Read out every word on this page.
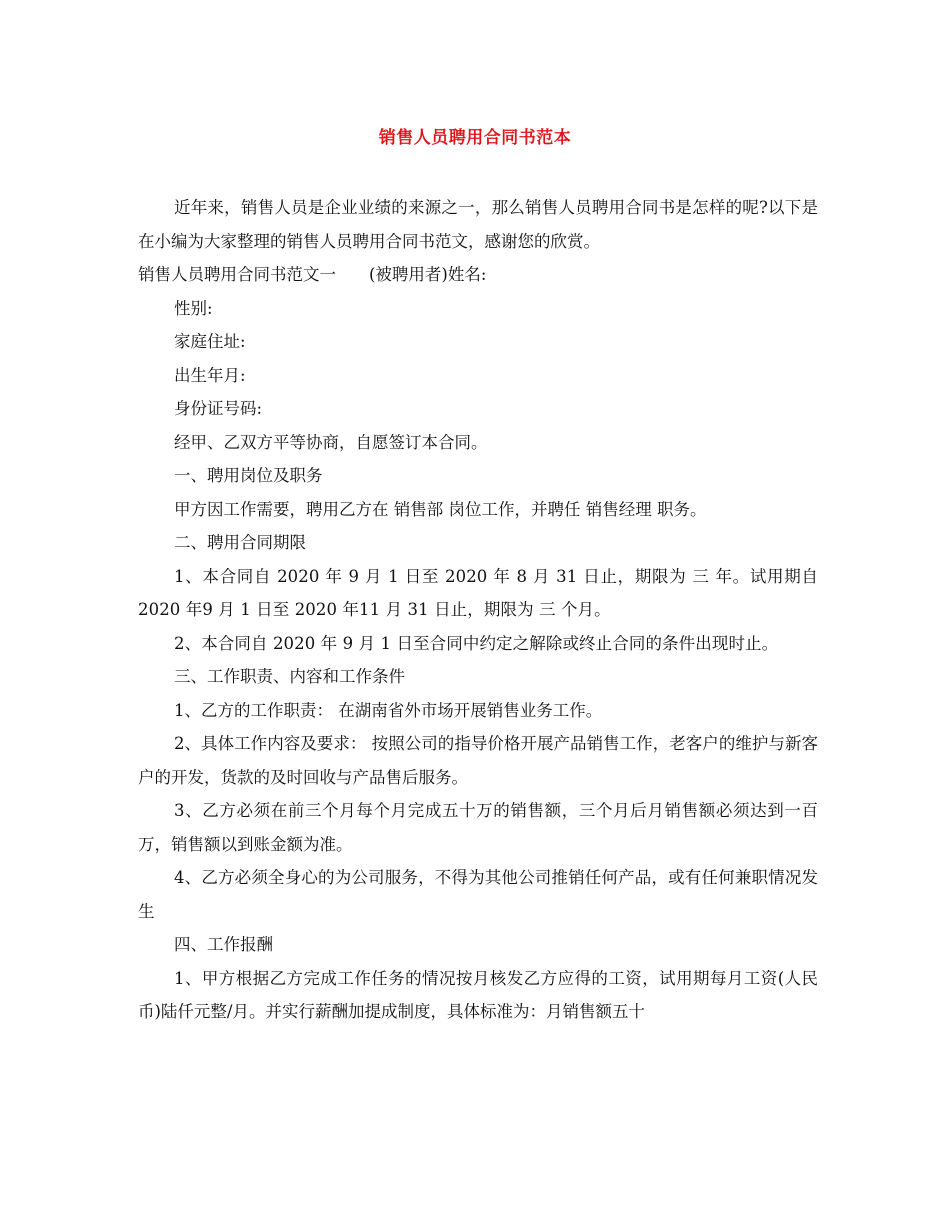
销售人员聘用合同书范本

近年来，销售人员是企业业绩的来源之一，那么销售人员聘用合同书是怎样的呢?以下是在小编为大家整理的销售人员聘用合同书范文，感谢您的欣赏。

销售人员聘用合同书范文一　　(被聘用者)姓名:

性别:

家庭住址:

出生年月:

身份证号码:

经甲、乙双方平等协商，自愿签订本合同。

一、聘用岗位及职务

甲方因工作需要，聘用乙方在 销售部 岗位工作，并聘任 销售经理 职务。

二、聘用合同期限

1、本合同自 2020 年 9 月 1 日至 2020 年 8 月 31 日止，期限为 三 年。试用期自 2020 年9 月 1 日至 2020 年11 月 31 日止，期限为 三 个月。

2、本合同自 2020 年 9 月 1 日至合同中约定之解除或终止合同的条件出现时止。

三、工作职责、内容和工作条件

1、乙方的工作职责： 在湖南省外市场开展销售业务工作。

2、具体工作内容及要求： 按照公司的指导价格开展产品销售工作，老客户的维护与新客户的开发，货款的及时回收与产品售后服务。

3、乙方必须在前三个月每个月完成五十万的销售额，三个月后月销售额必须达到一百万，销售额以到账金额为准。

4、乙方必须全身心的为公司服务，不得为其他公司推销任何产品，或有任何兼职情况发生

四、工作报酬

1、甲方根据乙方完成工作任务的情况按月核发乙方应得的工资，试用期每月工资(人民币)陆仟元整/月。并实行薪酬加提成制度，具体标准为：月销售额五十
